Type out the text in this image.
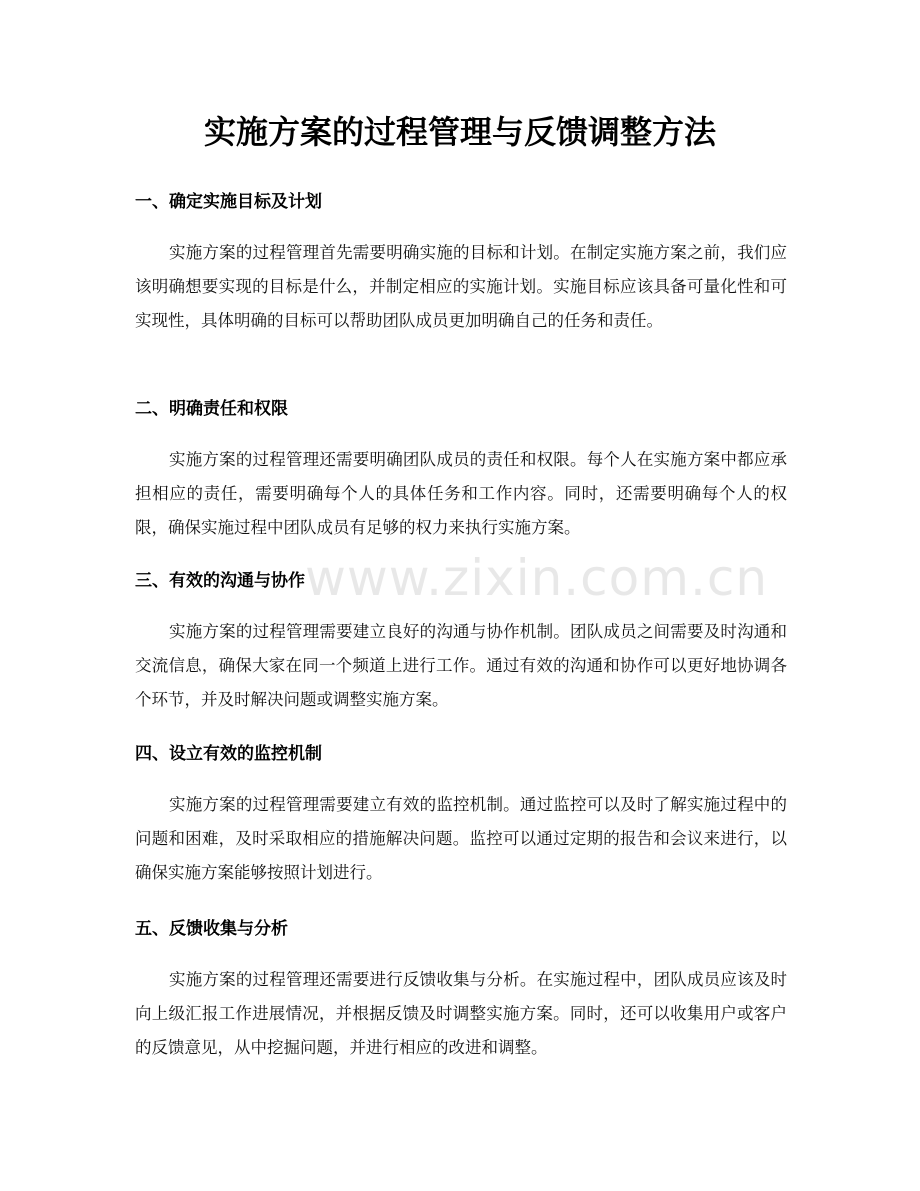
实施方案的过程管理与反馈调整方法
一、确定实施目标及计划

实施方案的过程管理首先需要明确实施的目标和计划。在制定实施方案之前，我们应该明确想要实现的目标是什么，并制定相应的实施计划。实施目标应该具备可量化性和可实现性，具体明确的目标可以帮助团队成员更加明确自己的任务和责任。

二、明确责任和权限

实施方案的过程管理还需要明确团队成员的责任和权限。每个人在实施方案中都应承担相应的责任，需要明确每个人的具体任务和工作内容。同时，还需要明确每个人的权限，确保实施过程中团队成员有足够的权力来执行实施方案。

三、有效的沟通与协作

实施方案的过程管理需要建立良好的沟通与协作机制。团队成员之间需要及时沟通和交流信息，确保大家在同一个频道上进行工作。通过有效的沟通和协作可以更好地协调各个环节，并及时解决问题或调整实施方案。

四、设立有效的监控机制

实施方案的过程管理需要建立有效的监控机制。通过监控可以及时了解实施过程中的问题和困难，及时采取相应的措施解决问题。监控可以通过定期的报告和会议来进行，以确保实施方案能够按照计划进行。

五、反馈收集与分析

实施方案的过程管理还需要进行反馈收集与分析。在实施过程中，团队成员应该及时向上级汇报工作进展情况，并根据反馈及时调整实施方案。同时，还可以收集用户或客户的反馈意见，从中挖掘问题，并进行相应的改进和调整。

www.zixin.com.cn
